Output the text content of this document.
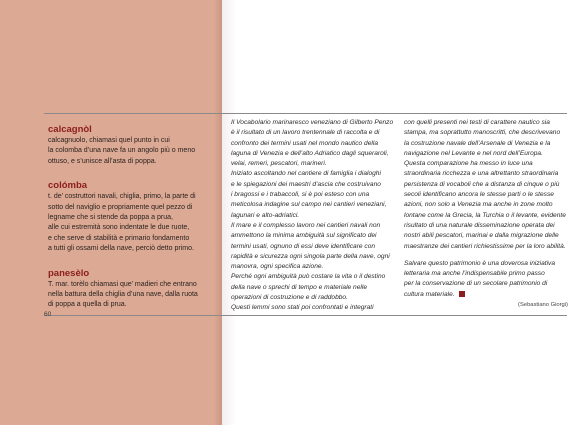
calcagnòl
calcagnuolo, chiamasi quel punto in cui
la colomba d’una nave fa un angolo più o meno
ottuso, e s’unisce all’asta di poppa.
colómba
t. de’ costruttori navali, chiglia, primo, la parte di
sotto del naviglio e propriamente quel pezzo di
legname che si stende da poppa a prua,
alle cui estremità sono indentate le due ruote,
e che serve di stabilità e primario fondamento
a tutti gli ossami della nave, perciò detto primo.
panesèlo
T. mar. torèlo chiamasi que’ madieri che entrano
nella battura della chiglia d’una nave, dalla ruota
di poppa a quella di prua.
60

Il Vocabolario marinaresco veneziano di Gilberto Penzo

è il risultato di un lavoro trentennale di raccolta e di

confronto dei termini usati nel mondo nautico della

laguna di Venezia e dell’alto Adriatico dagli squeraroli,

velai, remeri, pescatori, marineri.

Iniziato ascoltando nel cantiere di famiglia i dialoghi

e le spiegazioni dei maestri d’ascia che costruivano

i bragossi e i trabaccoli, si è poi esteso con una

meticolosa indagine sul campo nei cantieri veneziani,

lagunari e alto-adriatici.

Il mare e il complesso lavoro nei cantieri navali non

ammettono la minima ambiguità sul significato dei

termini usati, ognuno di essi deve identificare con

rapidità e sicurezza ogni singola parte della nave, ogni

manovra, ogni specifica azione.

Perché ogni ambiguità può costare la vita o il destino

della nave o sprechi di tempo e materiale nelle

operazioni di costruzione e di raddobbo.

Questi lemmi sono stati poi confrontati e integrati

con quelli presenti nei testi di carattere nautico sia

stampa, ma soprattutto manoscritti, che descrivevano

la costruzione navale dell’Arsenale di Venezia e la

navigazione nel Levante e nel nord dell’Europa.

Questa comparazione ha messo in luce una

straordinaria ricchezza e una altrettanto straordinaria

persistenza di vocaboli che a distanza di cinque o più

secoli identificano ancora le stesse parti o le stesse

azioni, non solo a Venezia ma anche in zone molto

lontane come la Grecia, la Turchia o il levante, evidente

risultato di una naturale disseminazione operata dei

nostri abili pescatori, marinai e dalla migrazione delle

maestranze dei cantieri richiestissime per la loro abilità.

Salvare questo patrimonio è una doverosa iniziativa

letteraria ma anche l’indispensabile primo passo

per la conservazione di un secolare patrimonio di

cultura materiale.

(Sebastiano Giorgi)
